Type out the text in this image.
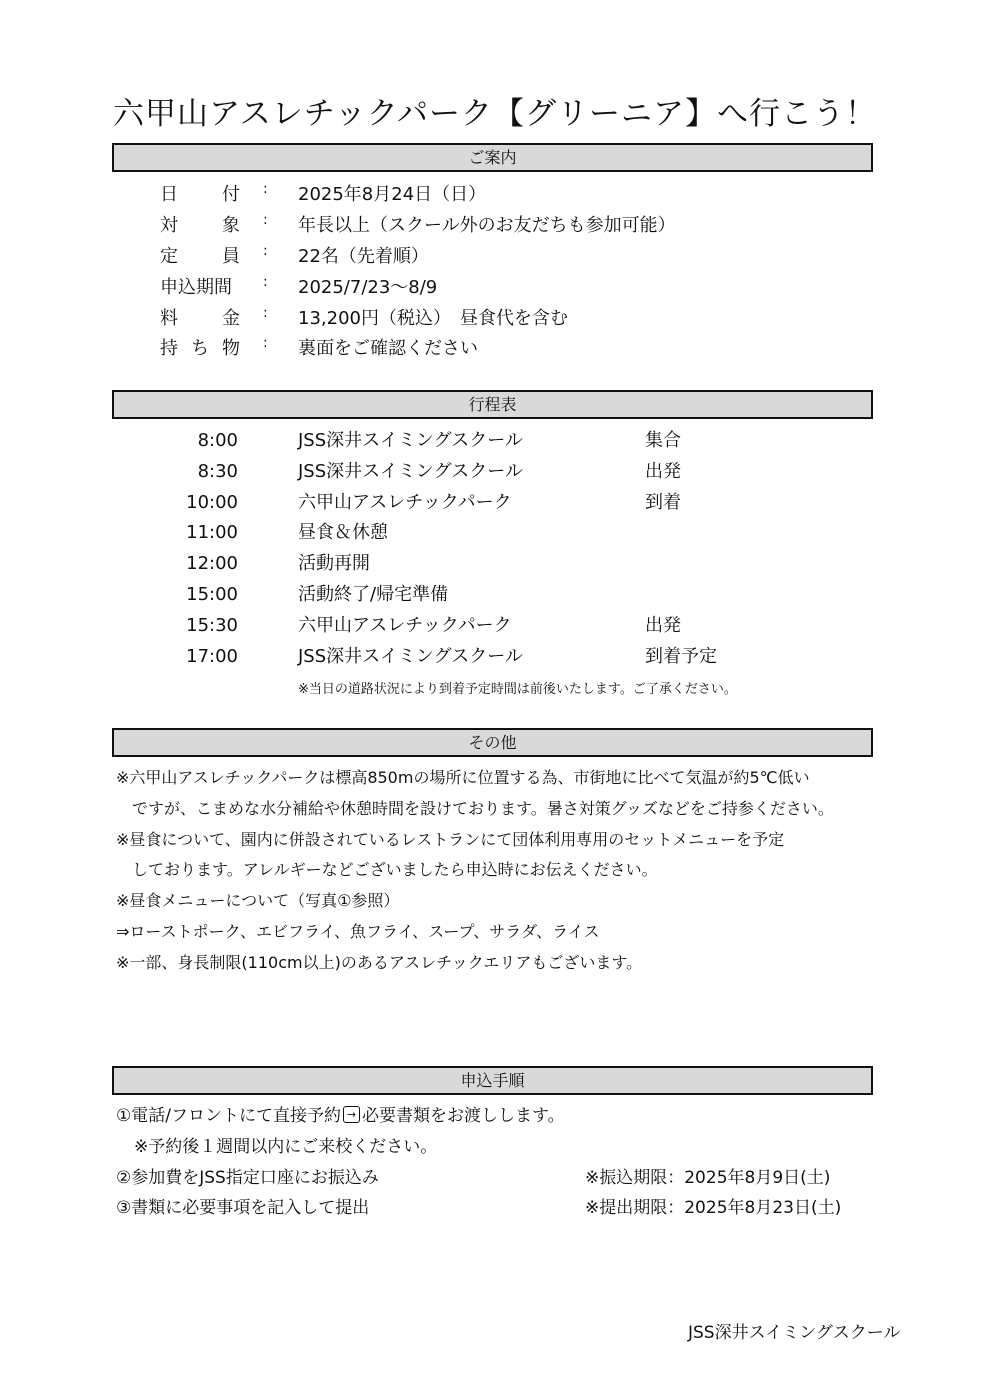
六甲山アスレチックパーク【グリーニア】へ行こう！
ご案内
日 付 : 2025年8月24日（日）
対 象 : 年長以上（スクール外のお友だちも参加可能）
定 員 : 22名（先着順）
申込期間 : 2025/7/23～8/9
料 金 : 13,200円（税込）　昼食代を含む
持 ち 物 : 裏面をご確認ください
行程表
8:00	JSS深井スイミングスクール	集合
8:30	JSS深井スイミングスクール	出発
10:00	六甲山アスレチックパーク	到着
11:00	昼食＆休憩
12:00	活動再開
15:00	活動終了/帰宅準備
15:30	六甲山アスレチックパーク	出発
17:00	JSS深井スイミングスクール	到着予定
※当日の道路状況により到着予定時間は前後いたします。ご了承ください。
その他
※六甲山アスレチックパークは標高850mの場所に位置する為、市街地に比べて気温が約5℃低い
　ですが、こまめな水分補給や休憩時間を設けております。暑さ対策グッズなどをご持参ください。
※昼食について、園内に併設されているレストランにて団体利用専用のセットメニューを予定
　しております。アレルギーなどございましたら申込時にお伝えください。
※昼食メニューについて（写真①参照）
⇒ローストポーク、エビフライ、魚フライ、スープ、サラダ、ライス
※一部、身長制限(110cm以上)のあるアスレチックエリアもございます。
申込手順
①電話/フロントにて直接予約 → 必要書類をお渡しします。
※予約後１週間以内にご来校ください。
②参加費をJSS指定口座にお振込み	※振込期限：2025年8月9日(土)
③書類に必要事項を記入して提出	※提出期限：2025年8月23日(土)
JSS深井スイミングスクール
